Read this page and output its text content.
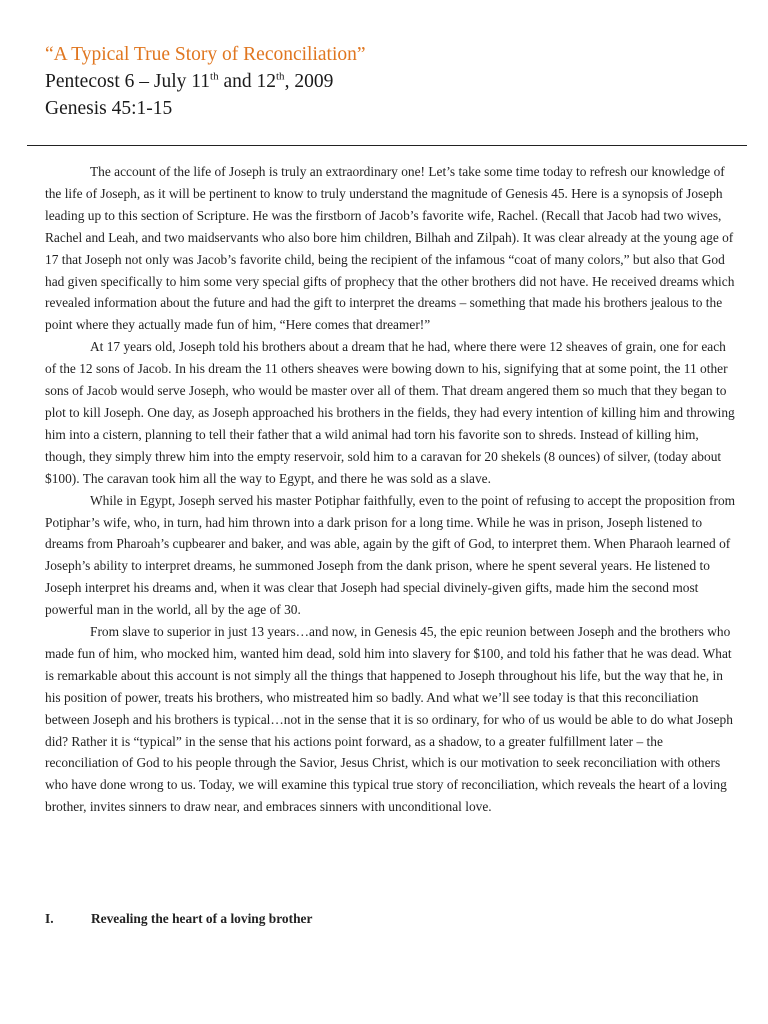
“A Typical True Story of Reconciliation”
Pentecost 6 – July 11th and 12th, 2009
Genesis 45:1-15

The account of the life of Joseph is truly an extraordinary one! Let’s take some time today to refresh our knowledge of the life of Joseph, as it will be pertinent to know to truly understand the magnitude of Genesis 45. Here is a synopsis of Joseph leading up to this section of Scripture. He was the firstborn of Jacob’s favorite wife, Rachel. (Recall that Jacob had two wives, Rachel and Leah, and two maidservants who also bore him children, Bilhah and Zilpah). It was clear already at the young age of 17 that Joseph not only was Jacob’s favorite child, being the recipient of the infamous “coat of many colors,” but also that God had given specifically to him some very special gifts of prophecy that the other brothers did not have. He received dreams which revealed information about the future and had the gift to interpret the dreams – something that made his brothers jealous to the point where they actually made fun of him, “Here comes that dreamer!”

At 17 years old, Joseph told his brothers about a dream that he had, where there were 12 sheaves of grain, one for each of the 12 sons of Jacob. In his dream the 11 others sheaves were bowing down to his, signifying that at some point, the 11 other sons of Jacob would serve Joseph, who would be master over all of them. That dream angered them so much that they began to plot to kill Joseph. One day, as Joseph approached his brothers in the fields, they had every intention of killing him and throwing him into a cistern, planning to tell their father that a wild animal had torn his favorite son to shreds. Instead of killing him, though, they simply threw him into the empty reservoir, sold him to a caravan for 20 shekels (8 ounces) of silver, (today about $100). The caravan took him all the way to Egypt, and there he was sold as a slave.

While in Egypt, Joseph served his master Potiphar faithfully, even to the point of refusing to accept the proposition from Potiphar’s wife, who, in turn, had him thrown into a dark prison for a long time. While he was in prison, Joseph listened to dreams from Pharoah’s cupbearer and baker, and was able, again by the gift of God, to interpret them. When Pharaoh learned of Joseph’s ability to interpret dreams, he summoned Joseph from the dank prison, where he spent several years. He listened to Joseph interpret his dreams and, when it was clear that Joseph had special divinely-given gifts, made him the second most powerful man in the world, all by the age of 30.

From slave to superior in just 13 years…and now, in Genesis 45, the epic reunion between Joseph and the brothers who made fun of him, who mocked him, wanted him dead, sold him into slavery for $100, and told his father that he was dead. What is remarkable about this account is not simply all the things that happened to Joseph throughout his life, but the way that he, in his position of power, treats his brothers, who mistreated him so badly. And what we’ll see today is that this reconciliation between Joseph and his brothers is typical…not in the sense that it is so ordinary, for who of us would be able to do what Joseph did? Rather it is “typical” in the sense that his actions point forward, as a shadow, to a greater fulfillment later – the reconciliation of God to his people through the Savior, Jesus Christ, which is our motivation to seek reconciliation with others who have done wrong to us. Today, we will examine this typical true story of reconciliation, which reveals the heart of a loving brother, invites sinners to draw near, and embraces sinners with unconditional love.

I.	Revealing the heart of a loving brother
